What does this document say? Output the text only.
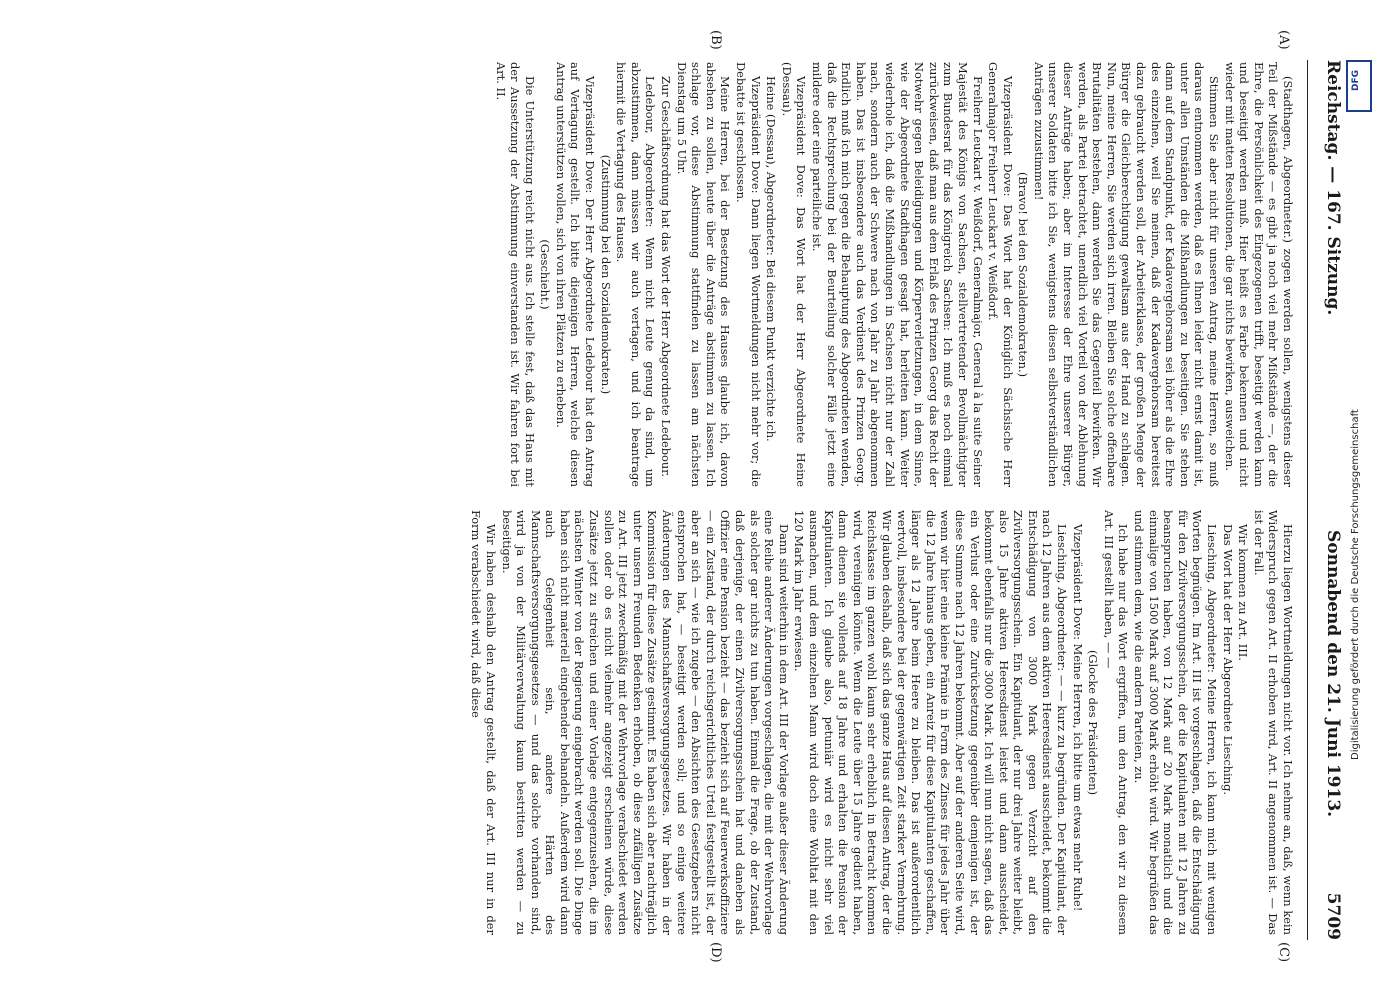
Reichstag. — 167. Sitzung.
Sonnabend den 21. Juni 1913.
5709
(A)
(B)
(C)
(D)

(Stadthagen, Abgeordneter.) zogen werden sollen, wenigstens dieser Teil der Mißstände — es gibt ja noch viel mehr Mißstände —, der die Ehre, die Persönlichkeit des Eingezogenen trifft, beseitigt werden kann und beseitigt werden muß. Hier heißt es Farbe bekennen und nicht wieder mit matten Resolutionen, die gar nichts bewirken, ausweichen.

Stimmen Sie aber nicht für unseren Antrag, meine Herren, so muß daraus entnommen werden, daß es Ihnen leider nicht ernst damit ist, unter allen Umständen die Mißhandlungen zu beseitigen. Sie stehen dann auf dem Standpunkt, der Kadavergehorsam sei höher als die Ehre des einzelnen, weil Sie meinen, daß der Kadavergehorsam bereitest dazu gebraucht werden soll, der Arbeiterklasse, der großen Menge der Bürger die Gleichberechtigung gewaltsam aus der Hand zu schlagen. Nun, meine Herren, Sie werden sich irren. Bleiben Sie solche offenbare Brutalitäten bestehen, dann werden Sie das Gegenteil bewirken. Wir werden, als Partei betrachtet, unendlich viel Vorteil von der Ablehnung dieser Anträge haben; aber im Interesse der Ehre unserer Bürger, unserer Soldaten bitte ich Sie, wenigstens diesen selbstverständlichen Anträgen zuzustimmen!

(Bravo! bei den Sozialdemokraten.)

Vizepräsident Dove: Das Wort hat der Königlich Sächsische Herr Generalmajor Freiherr Leuckart v. Weißdorf.

Freiherr Leuckart v. Weißdorf, Generalmajor, General à la suite Seiner Majestät des Königs von Sachsen, stellvertretender Bevollmächtigter zum Bundesrat für das Königreich Sachsen: Ich muß es noch einmal zurückweisen, daß man aus dem Erlaß des Prinzen Georg das Recht der Notwehr gegen Beleidigungen und Körperverletzungen, in dem Sinne, wie der Abgeordnete Stadthagen gesagt hat, herleiten kann. Weiter wiederhole ich, daß die Mißhandlungen in Sachsen nicht nur der Zahl nach, sondern auch der Schwere nach von Jahr zu Jahr abgenommen haben. Das ist insbesondere auch das Verdienst des Prinzen Georg. Endlich muß ich mich gegen die Behauptung des Abgeordneten wenden, daß die Rechtsprechung bei der Beurteilung solcher Fälle jetzt eine mildere oder eine parteiliche ist.

Vizepräsident Dove: Das Wort hat der Herr Abgeordnete Heine (Dessau).

Heine (Dessau), Abgeordneter: Bei diesem Punkt verzichte ich.

Vizepräsident Dove: Dann liegen Wortmeldungen nicht mehr vor; die Debatte ist geschlossen.

Meine Herren, bei der Besetzung des Hauses glaube ich, davon absehen zu sollen, heute über die Anträge abstimmen zu lassen. Ich schlage vor, diese Abstimmung stattfinden zu lassen am nächsten Dienstag um 5 Uhr.

Zur Geschäftsordnung hat das Wort der Herr Abgeordnete Ledebour.

Ledebour, Abgeordneter: Wenn nicht Leute genug da sind, um abzustimmen, dann müssen wir auch vertagen, und ich beantrage hiermit die Vertagung des Hauses.

(Zustimmung bei den Sozialdemokraten.)

Vizepräsident Dove: Der Herr Abgeordnete Ledebour hat den Antrag auf Vertagung gestellt. Ich bitte diejenigen Herren, welche diesen Antrag unterstützen wollen, sich von ihren Plätzen zu erheben.

(Geschieht.)

Die Unterstützung reicht nicht aus. Ich stelle fest, daß das Haus mit der Aussetzung der Abstimmung einverstanden ist. Wir fahren fort bei Art. II.

Hierzu liegen Wortmeldungen nicht vor. Ich nehme an, daß, wenn kein Widerspruch gegen Art. II erhoben wird, Art. II angenommen ist. — Das ist der Fall.

Wir kommen zu Art. III.

Das Wort hat der Herr Abgeordnete Liesching.

Liesching, Abgeordneter: Meine Herren, ich kann mich mit wenigen Worten begnügen. Im Art. III ist vorgeschlagen, daß die Entschädigung für den Zivilversorgungsschein, der die Kapitulanten mit 12 Jahren zu beanspruchen haben, von 12 Mark auf 20 Mark monatlich und die einmalige von 1500 Mark auf 3000 Mark erhöht wird. Wir begrüßen das und stimmen dem, wie die andern Parteien, zu.

Ich habe nur das Wort ergriffen, um den Antrag, den wir zu diesem Art. III gestellt haben, — —

(Glocke des Präsidenten)

Vizepräsident Dove: Meine Herren, ich bitte um etwas mehr Ruhe!

Liesching, Abgeordneter: — — kurz zu begründen. Der Kapitulant, der nach 12 Jahren aus dem aktiven Heeresdienst ausscheidet, bekommt die Entschädigung von 3000 Mark gegen Verzicht auf den Zivilversorgungsschein. Ein Kapitulant, der nur drei Jahre weiter bleibt, also 15 Jahre aktiven Heeresdienst leistet und dann ausscheidet, bekommt ebenfalls nur die 3000 Mark. Ich will nun nicht sagen, daß das ein Verlust oder eine Zurücksetzung gegenüber demjenigen ist, der diese Summe nach 12 Jahren bekommt. Aber auf der anderen Seite wird, wenn wir hier eine kleine Prämie in Form des Zinses für jedes Jahr über die 12 Jahre hinaus geben, ein Anreiz für diese Kapitulanten geschaffen, länger als 12 Jahre beim Heere zu bleiben. Das ist außerordentlich wertvoll, insbesondere bei der gegenwärtigen Zeit starker Vermehrung. Wir glauben deshalb, daß sich das ganze Haus auf diesen Antrag, der die Reichskasse im ganzen wohl kaum sehr erheblich in Betracht kommen wird, vereinigen könnte. Wenn die Leute über 15 Jahre gedient haben, dann dienen sie vollends auf 18 Jahre und erhalten die Pension der Kapitulanten. Ich glaube also, petuniär wird es nicht sehr viel ausmachen, und dem einzelnen Mann wird doch eine Wohltat mit den 120 Mark im Jahr erwiesen.

Dann sind weiterhin in dem Art. III der Vorlage außer dieser Änderung eine Reihe anderer Änderungen vorgeschlagen, die mit der Wehrvorlage als solcher gar nichts zu tun haben. Einmal die Frage, ob der Zustand, daß derjenige, der einen Zivilversorgungsschein hat und daneben als Offizier eine Pension bezieht — das bezieht sich auf Feuerwerksoffiziere — ein Zustand, der durch reichsgerichtliches Urteil festgestellt ist, der aber an sich — wie ich zugebe — den Absichten des Gesetzgebers nicht entsprochen hat, — beseitigt werden soll; und so einige weitere Änderungen des Mannschaftsversorgungsgesetzes. Wir haben in der Kommission für diese Zusätze gestimmt. Es haben sich aber nachträglich unter unsern Freunden Bedenken erhoben, ob diese zufälligen Zusätze zu Art. III jetzt zweckmäßig mit der Wehrvorlage verabschiedet werden sollen oder ob es nicht vielmehr angezeigt erscheinen würde, diese Zusätze jetzt zu streichen und einer Vorlage entgegenzusehen, die im nächsten Winter von der Regierung eingebracht werden soll. Die Dinge haben sich nicht materiell eingehender behandeln. Außerdem wird dann auch Gelegenheit sein, andere Härten des Mannschaftsversorgungsgesetzes — und das solche vorhanden sind, wird ja von der Militärverwaltung kaum bestritten werden — zu beseitigen.

Wir haben deshalb den Antrag gestellt, daß der Art. III nur in der Form verabschiedet wird, daß diese

DFG
Digitalisierung gefördert durch die Deutsche Forschungsgemeinschaft
